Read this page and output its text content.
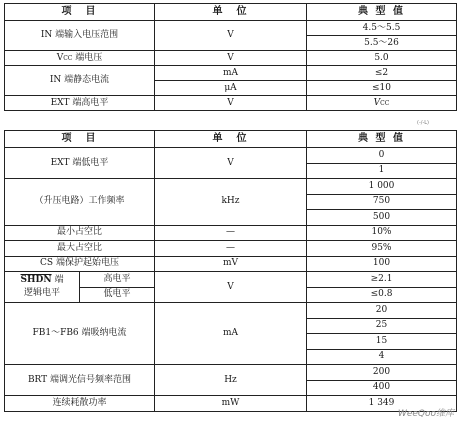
项　目	单　位	典 型 值
IN 端输入电压范围	V	4.5～5.5
		5.5～26
VCC 端电压	V	5.0
IN 端静态电流	mA	≤2
	μA	≤10
EXT 端高电平	V	VCC
(-/-L)
项　目		单　位	典 型 值
EXT 端低电平		V	0
			1
（升压电路）工作频率		kHz	1 000
			750
			500
最小占空比		—	10%
最大占空比		—	95%
CS 端保护起始电压		mV	100
SHDN 端
逻辑电平	高电平	V	≥2.1
	低电平		≤0.8
FB1～FB6 端吸纳电流		mA	20
			25
			15
			4
BRT 端调光信号频率范围		Hz	200
			400
连续耗散功率		mW	1 349
WeeQoo维库
